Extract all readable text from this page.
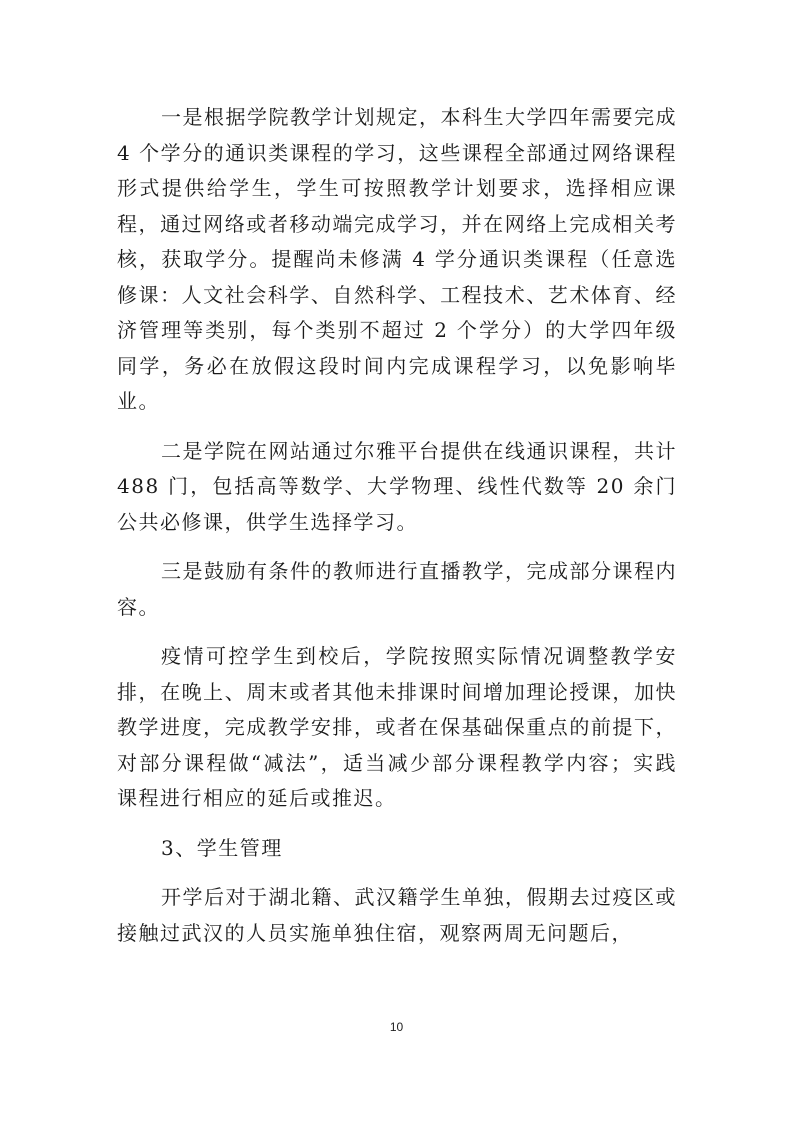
一是根据学院教学计划规定，本科生大学四年需要完成 4 个学分的通识类课程的学习，这些课程全部通过网络课程形式提供给学生，学生可按照教学计划要求，选择相应课程，通过网络或者移动端完成学习，并在网络上完成相关考核，获取学分。提醒尚未修满 4 学分通识类课程（任意选修课：人文社会科学、自然科学、工程技术、艺术体育、经济管理等类别，每个类别不超过 2 个学分）的大学四年级同学，务必在放假这段时间内完成课程学习，以免影响毕业。

二是学院在网站通过尔雅平台提供在线通识课程，共计 488 门，包括高等数学、大学物理、线性代数等 20 余门公共必修课，供学生选择学习。

三是鼓励有条件的教师进行直播教学，完成部分课程内容。

疫情可控学生到校后，学院按照实际情况调整教学安排，在晚上、周末或者其他未排课时间增加理论授课，加快教学进度，完成教学安排，或者在保基础保重点的前提下，对部分课程做“减法”，适当减少部分课程教学内容；实践课程进行相应的延后或推迟。

3、学生管理

开学后对于湖北籍、武汉籍学生单独，假期去过疫区或接触过武汉的人员实施单独住宿，观察两周无问题后，

10
